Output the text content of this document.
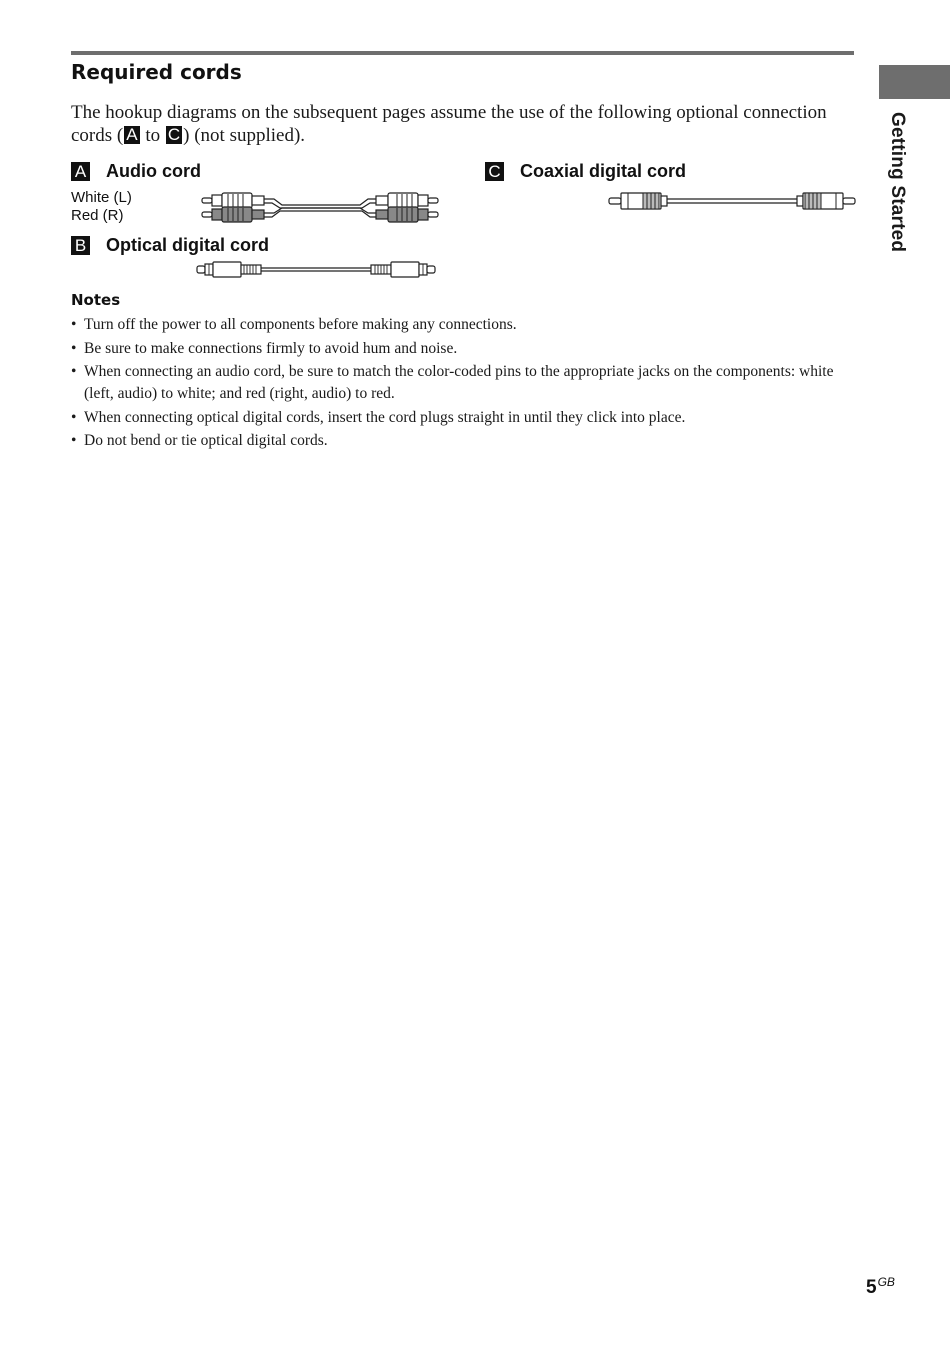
Getting Started
Required cords

The hookup diagrams on the subsequent pages assume the use of the following optional connection cords ( A to C ) (not supplied).

A Audio cord
White (L)
Red (R)
B Optical digital cord
C Coaxial digital cord
Notes
• Turn off the power to all components before making any connections.
• Be sure to make connections firmly to avoid hum and noise.
• When connecting an audio cord, be sure to match the color-coded pins to the appropriate jacks on the components: white (left, audio) to white; and red (right, audio) to red.
• When connecting optical digital cords, insert the cord plugs straight in until they click into place.
• Do not bend or tie optical digital cords.
$5^{GB}$
